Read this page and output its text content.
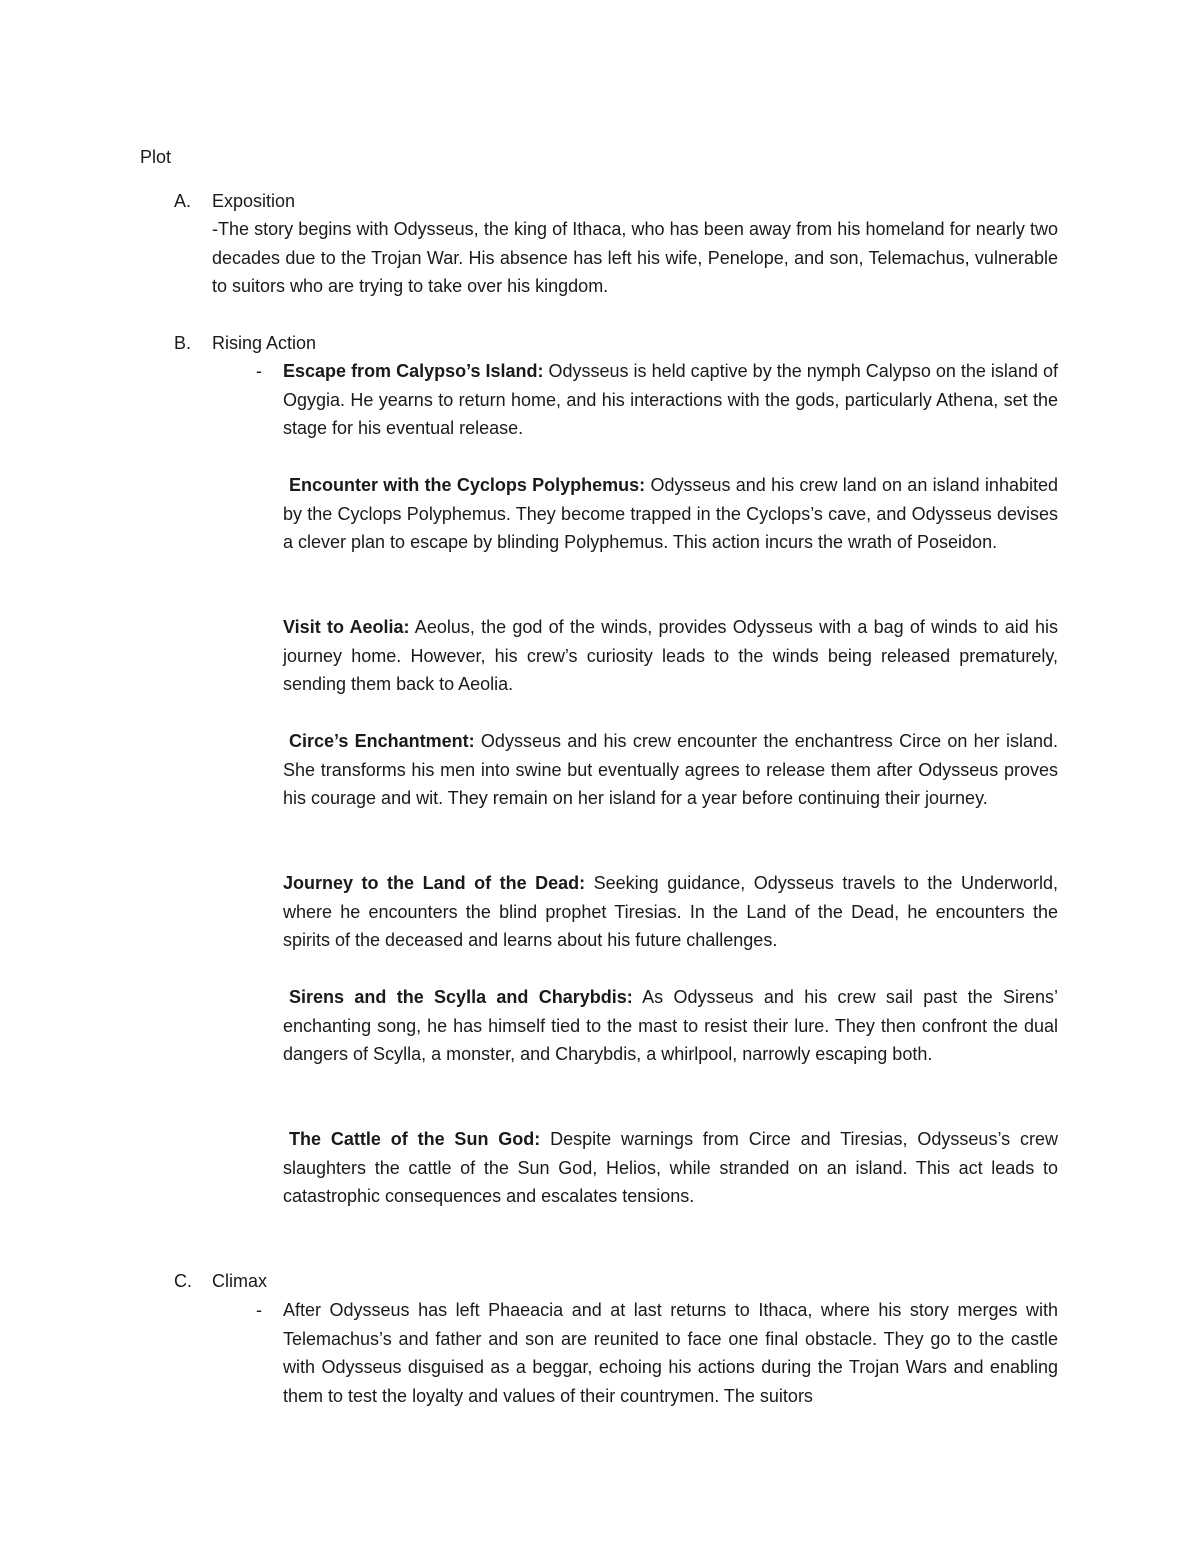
Plot
A. Exposition
-The story begins with Odysseus, the king of Ithaca, who has been away from his homeland for nearly two decades due to the Trojan War. His absence has left his wife, Penelope, and son, Telemachus, vulnerable to suitors who are trying to take over his kingdom.
B. Rising Action
- Escape from Calypso’s Island: Odysseus is held captive by the nymph Calypso on the island of Ogygia. He yearns to return home, and his interactions with the gods, particularly Athena, set the stage for his eventual release.
Encounter with the Cyclops Polyphemus: Odysseus and his crew land on an island inhabited by the Cyclops Polyphemus. They become trapped in the Cyclops’s cave, and Odysseus devises a clever plan to escape by blinding Polyphemus. This action incurs the wrath of Poseidon.
Visit to Aeolia: Aeolus, the god of the winds, provides Odysseus with a bag of winds to aid his journey home. However, his crew’s curiosity leads to the winds being released prematurely, sending them back to Aeolia.
Circe’s Enchantment: Odysseus and his crew encounter the enchantress Circe on her island. She transforms his men into swine but eventually agrees to release them after Odysseus proves his courage and wit. They remain on her island for a year before continuing their journey.
Journey to the Land of the Dead: Seeking guidance, Odysseus travels to the Underworld, where he encounters the blind prophet Tiresias. In the Land of the Dead, he encounters the spirits of the deceased and learns about his future challenges.
Sirens and the Scylla and Charybdis: As Odysseus and his crew sail past the Sirens’ enchanting song, he has himself tied to the mast to resist their lure. They then confront the dual dangers of Scylla, a monster, and Charybdis, a whirlpool, narrowly escaping both.
The Cattle of the Sun God: Despite warnings from Circe and Tiresias, Odysseus’s crew slaughters the cattle of the Sun God, Helios, while stranded on an island. This act leads to catastrophic consequences and escalates tensions.
C. Climax
- After Odysseus has left Phaeacia and at last returns to Ithaca, where his story merges with Telemachus’s and father and son are reunited to face one final obstacle. They go to the castle with Odysseus disguised as a beggar, echoing his actions during the Trojan Wars and enabling them to test the loyalty and values of their countrymen. The suitors
